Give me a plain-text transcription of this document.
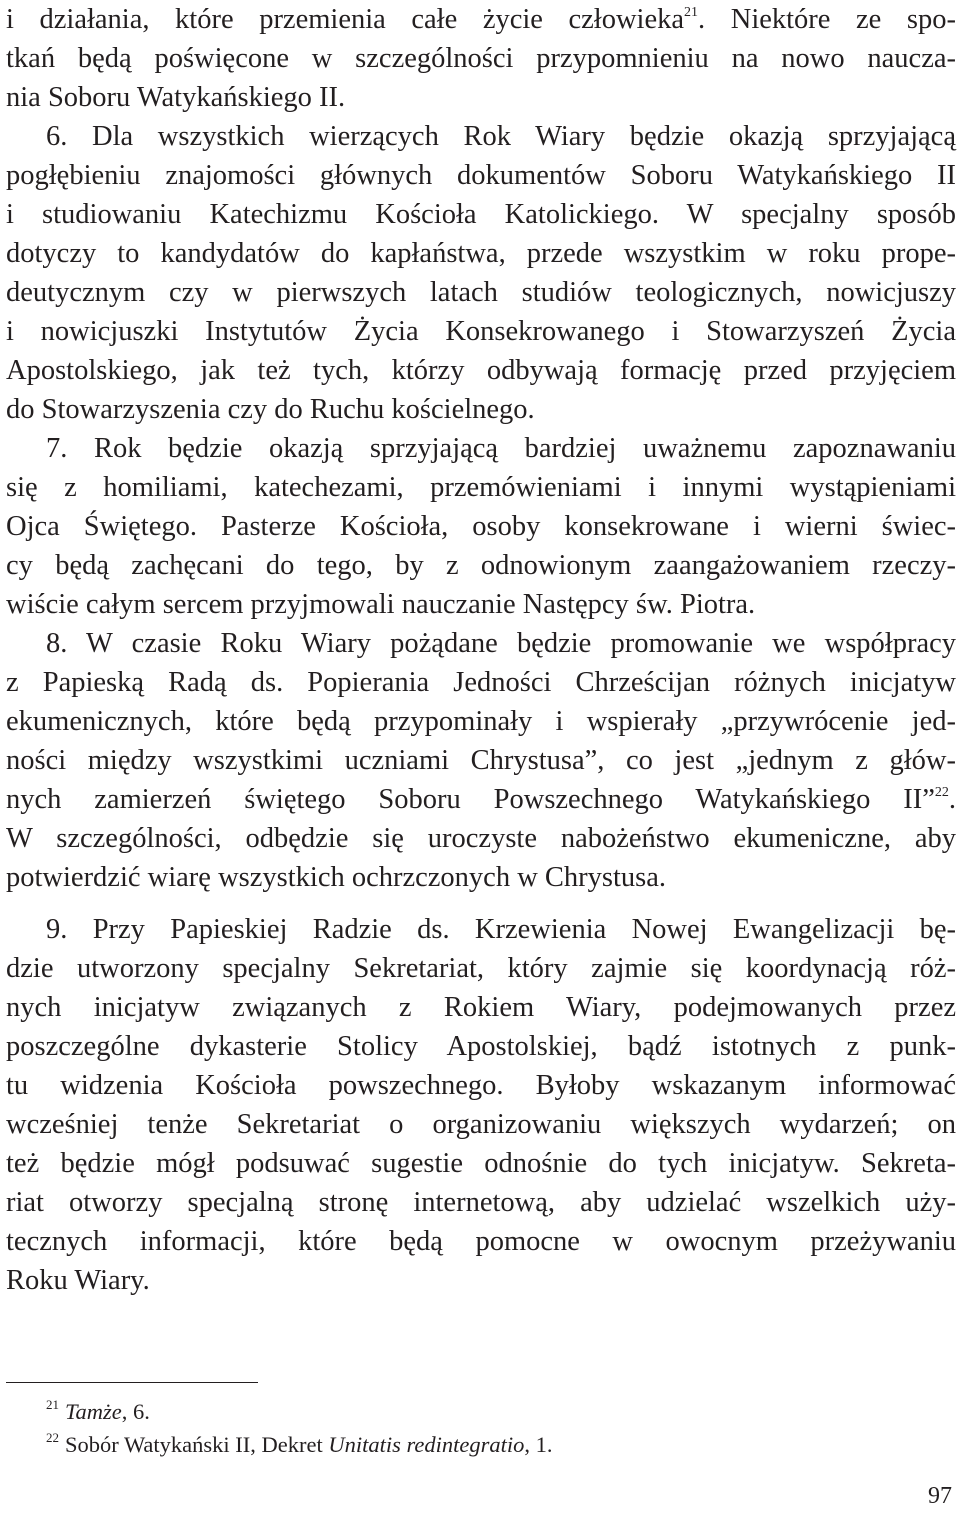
i działania, które przemienia całe życie człowieka$^{21}$. Niektóre ze spo-
tkań będą poświęcone w szczególności przypomnieniu na nowo naucza-
nia Soboru Watykańskiego II.
6. Dla wszystkich wierzących Rok Wiary będzie okazją sprzyjającą
pogłębieniu znajomości głównych dokumentów Soboru Watykańskiego II
i studiowaniu Katechizmu Kościoła Katolickiego. W specjalny sposób
dotyczy to kandydatów do kapłaństwa, przede wszystkim w roku prope-
deutycznym czy w pierwszych latach studiów teologicznych, nowicjuszy
i nowicjuszki Instytutów Życia Konsekrowanego i Stowarzyszeń Życia
Apostolskiego, jak też tych, którzy odbywają formację przed przyjęciem
do Stowarzyszenia czy do Ruchu kościelnego.
7. Rok będzie okazją sprzyjającą bardziej uważnemu zapoznawaniu
się z homiliami, katechezami, przemówieniami i innymi wystąpieniami
Ojca Świętego. Pasterze Kościoła, osoby konsekrowane i wierni świec-
cy będą zachęcani do tego, by z odnowionym zaangażowaniem rzeczy-
wiście całym sercem przyjmowali nauczanie Następcy św. Piotra.
8. W czasie Roku Wiary pożądane będzie promowanie we współpracy
z Papieską Radą ds. Popierania Jedności Chrześcijan różnych inicjatyw
ekumenicznych, które będą przypominały i wspierały „przywrócenie jed-
ności między wszystkimi uczniami Chrystusa”, co jest „jednym z głów-
nych zamierzeń świętego Soboru Powszechnego Watykańskiego II”$^{22}$.
W szczególności, odbędzie się uroczyste nabożeństwo ekumeniczne, aby
potwierdzić wiarę wszystkich ochrzczonych w Chrystusa.
9. Przy Papieskiej Radzie ds. Krzewienia Nowej Ewangelizacji bę-
dzie utworzony specjalny Sekretariat, który zajmie się koordynacją róż-
nych inicjatyw związanych z Rokiem Wiary, podejmowanych przez
poszczególne dykasterie Stolicy Apostolskiej, bądź istotnych z punk-
tu widzenia Kościoła powszechnego. Byłoby wskazanym informować
wcześniej tenże Sekretariat o organizowaniu większych wydarzeń; on
też będzie mógł podsuwać sugestie odnośnie do tych inicjatyw. Sekreta-
riat otworzy specjalną stronę internetową, aby udzielać wszelkich uży-
tecznych informacji, które będą pomocne w owocnym przeżywaniu
Roku Wiary.
$^{21}$ Tamże, 6.
$^{22}$ Sobór Watykański II, Dekret Unitatis redintegratio, 1.
97
